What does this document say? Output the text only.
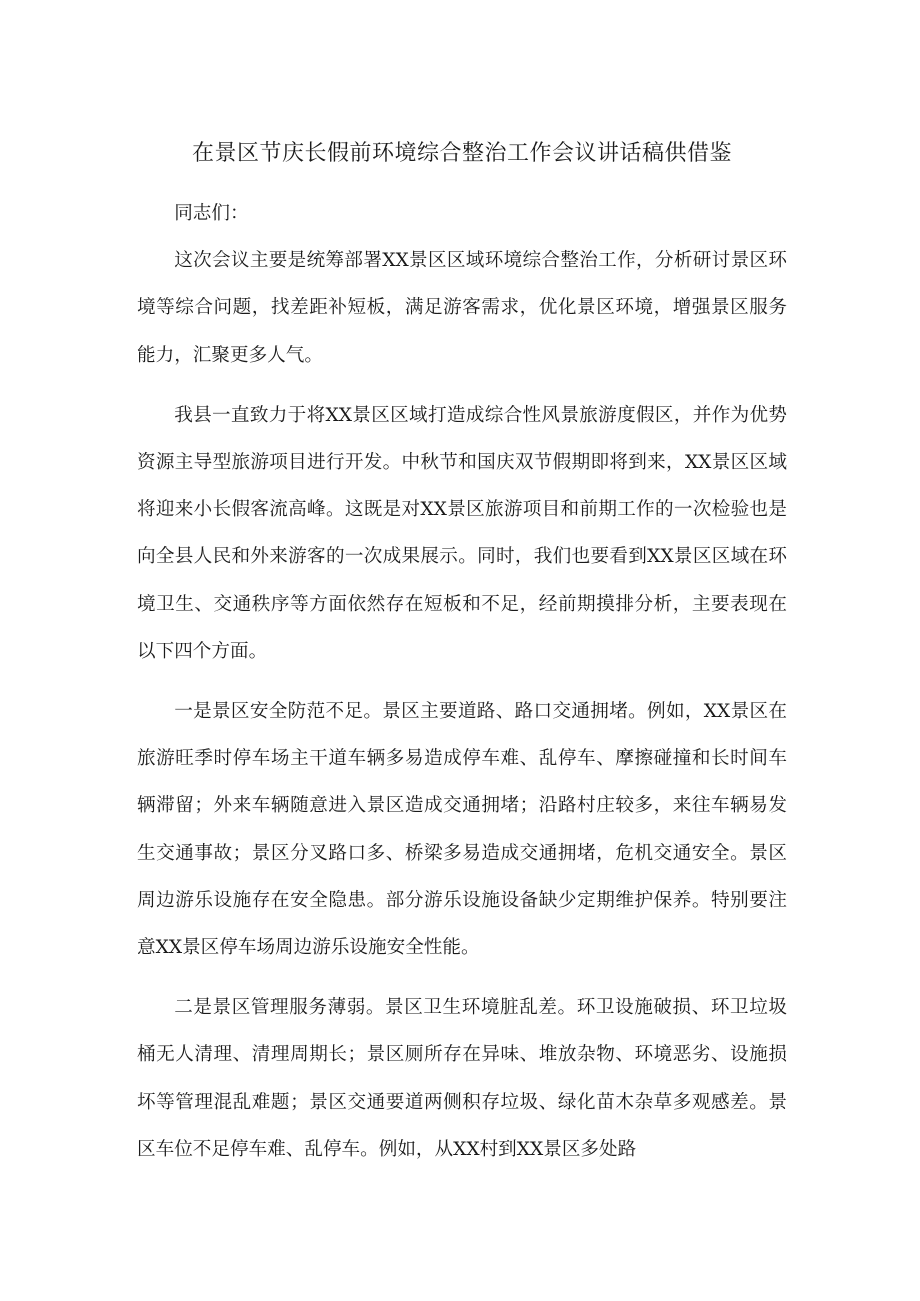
在景区节庆长假前环境综合整治工作会议讲话稿供借鉴

同志们：

这次会议主要是统筹部署XX景区区域环境综合整治工作，分析研讨景区环境等综合问题，找差距补短板，满足游客需求，优化景区环境，增强景区服务能力，汇聚更多人气。

我县一直致力于将XX景区区域打造成综合性风景旅游度假区，并作为优势资源主导型旅游项目进行开发。中秋节和国庆双节假期即将到来，XX景区区域将迎来小长假客流高峰。这既是对XX景区旅游项目和前期工作的一次检验也是向全县人民和外来游客的一次成果展示。同时，我们也要看到XX景区区域在环境卫生、交通秩序等方面依然存在短板和不足，经前期摸排分析，主要表现在以下四个方面。

一是景区安全防范不足。景区主要道路、路口交通拥堵。例如，XX景区在旅游旺季时停车场主干道车辆多易造成停车难、乱停车、摩擦碰撞和长时间车辆滞留；外来车辆随意进入景区造成交通拥堵；沿路村庄较多，来往车辆易发生交通事故；景区分叉路口多、桥梁多易造成交通拥堵，危机交通安全。景区周边游乐设施存在安全隐患。部分游乐设施设备缺少定期维护保养。特别要注意XX景区停车场周边游乐设施安全性能。

二是景区管理服务薄弱。景区卫生环境脏乱差。环卫设施破损、环卫垃圾桶无人清理、清理周期长；景区厕所存在异味、堆放杂物、环境恶劣、设施损坏等管理混乱难题；景区交通要道两侧积存垃圾、绿化苗木杂草多观感差。景区车位不足停车难、乱停车。例如，从XX村到XX景区多处路
